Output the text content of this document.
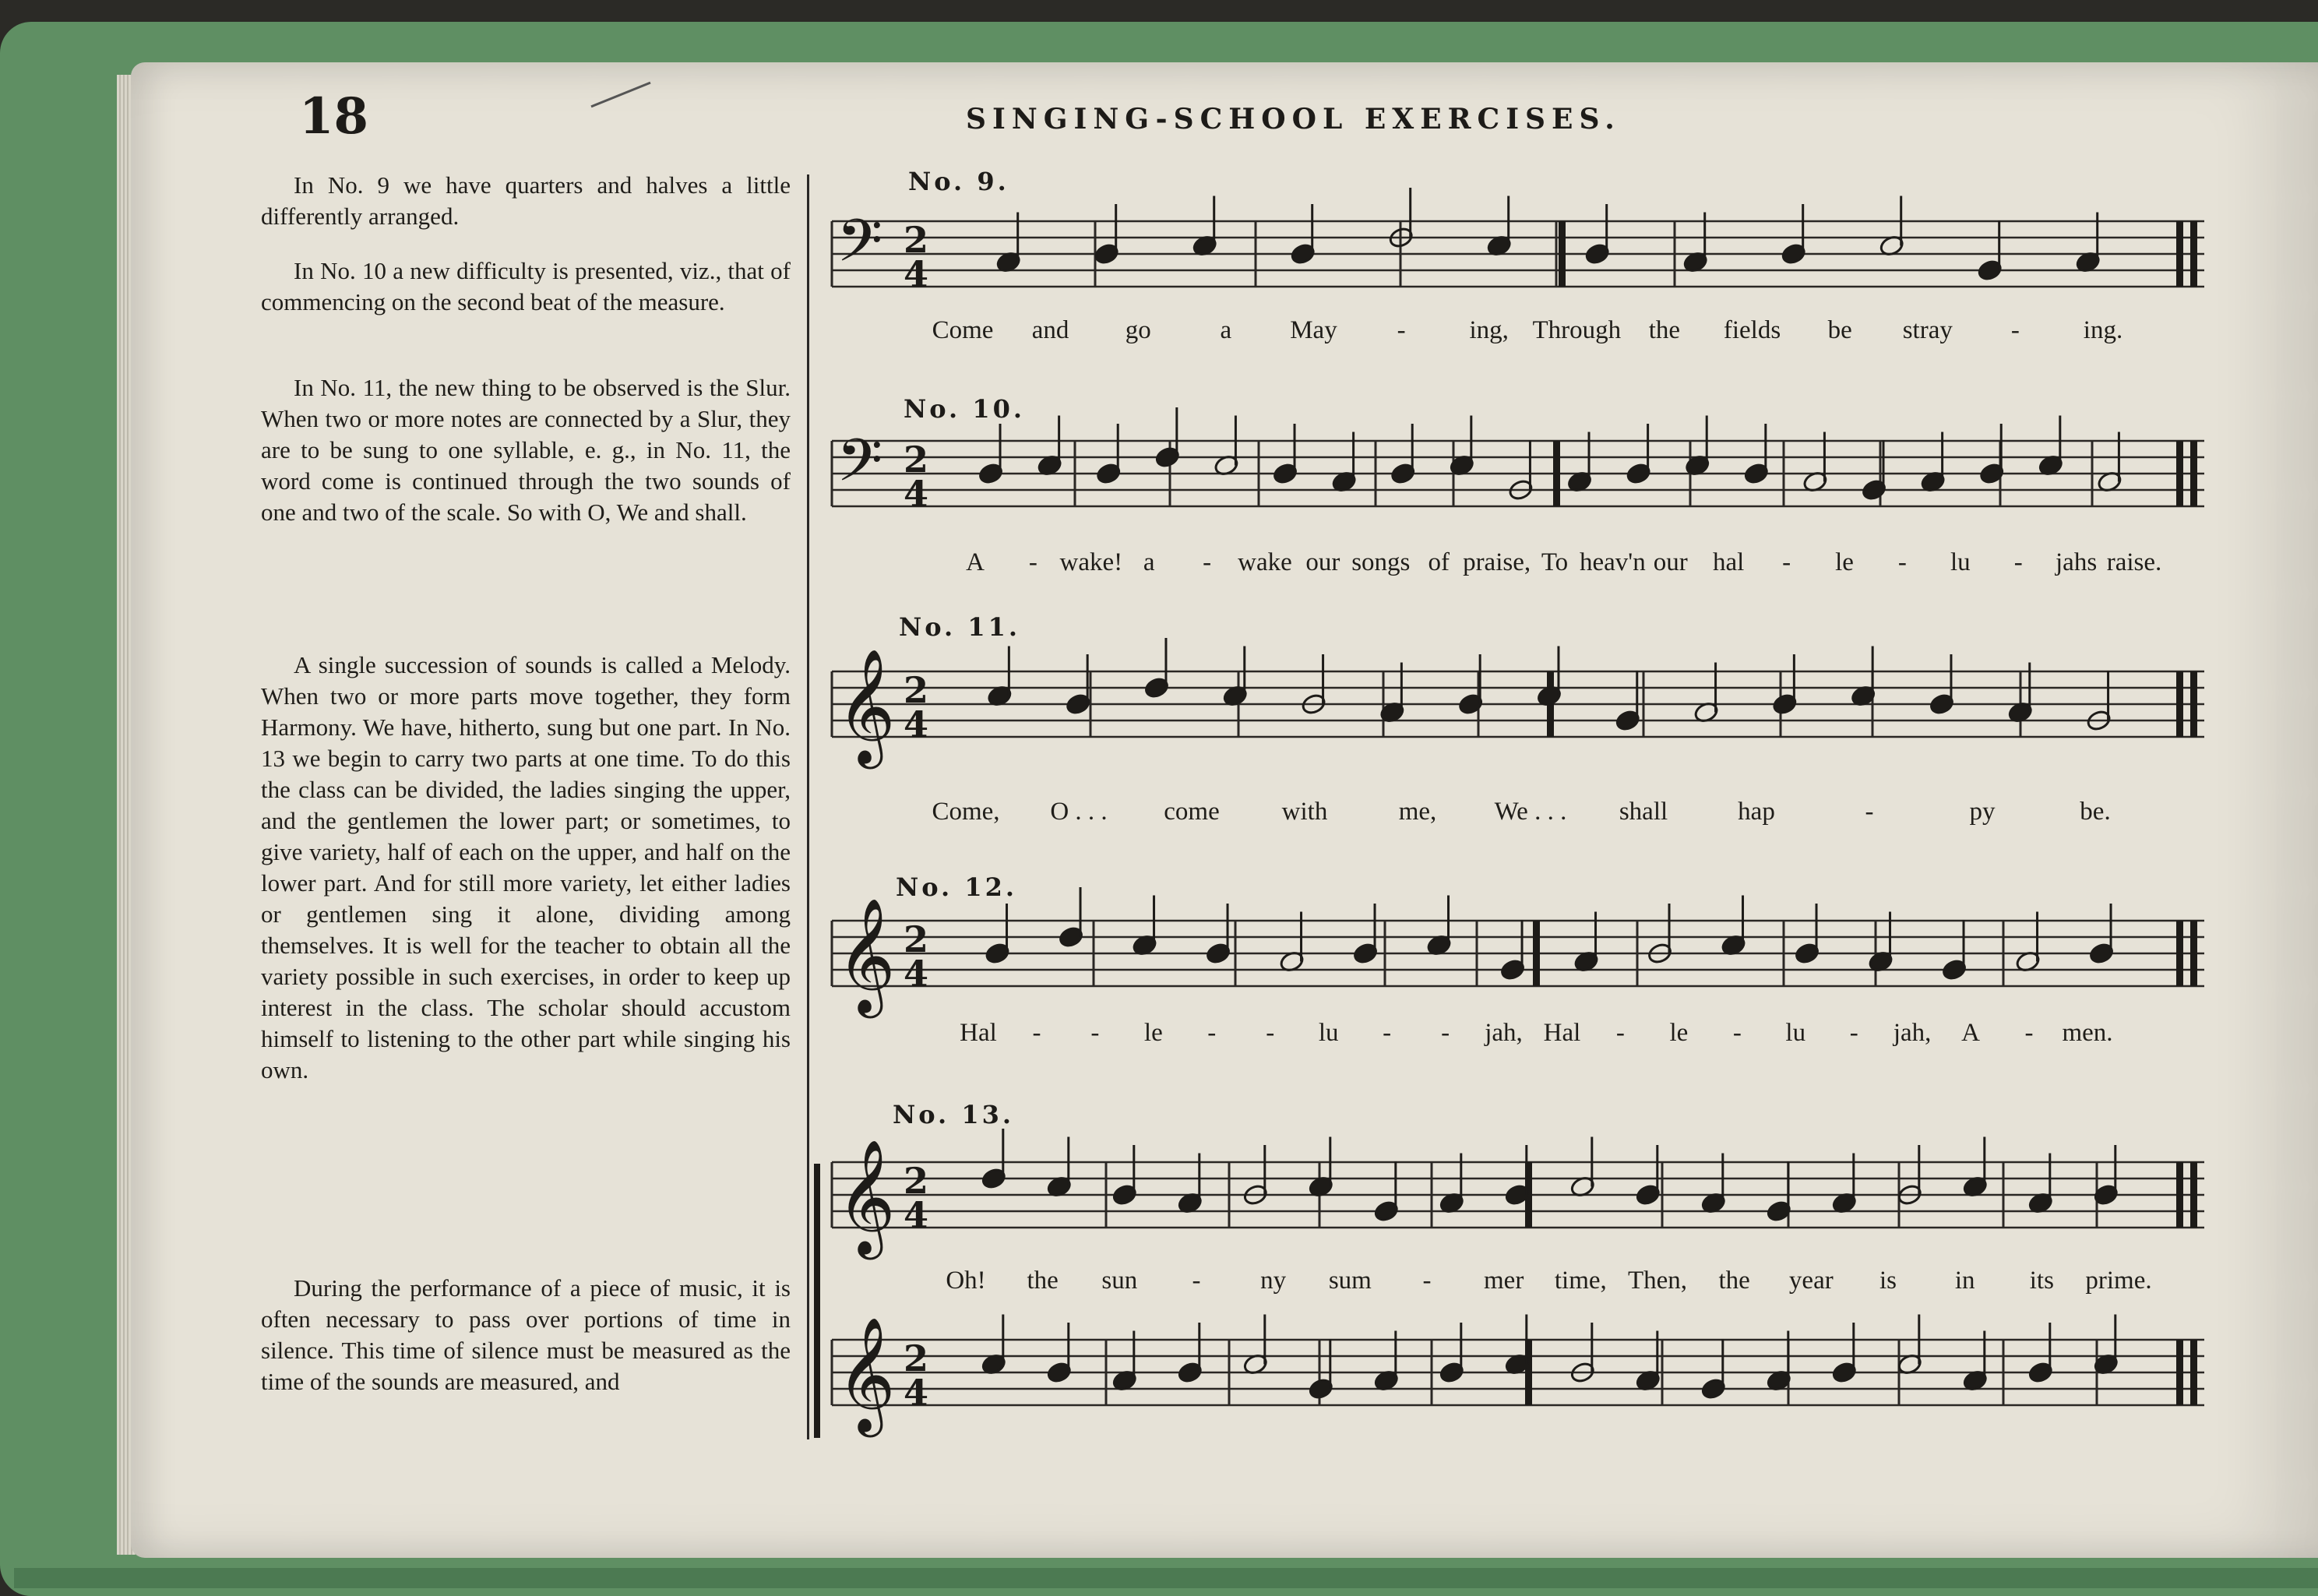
18	SINGING-SCHOOL EXERCISES.

In No. 9 we have quarters and halves a little differently arranged.

In No. 10 a new difficulty is presented, viz., that of commencing on the second beat of the measure.

In No. 11, the new thing to be observed is the Slur. When two or more notes are connected by a Slur, they are to be sung to one syllable, e. g., in No. 11, the word come is continued through the two sounds of one and two of the scale. So with O, We and shall.

A single succession of sounds is called a Melody. When two or more parts move together, they form Harmony. We have, hitherto, sung but one part. In No. 13 we begin to carry two parts at one time. To do this the class can be divided, the ladies singing the upper, and the gentlemen the lower part; or sometimes, to give variety, half of each on the upper, and half on the lower part. And for still more variety, let either ladies or gentlemen sing it alone, dividing among themselves. It is well for the teacher to obtain all the variety possible in such exercises, in order to keep up interest in the class. The scholar should accustom himself to listening to the other part while singing his own.

During the performance of a piece of music, it is often necessary to pass over portions of time in silence. This time of silence must be measured as the time of the sounds are measured, and

No. 9.
No. 10.
No. 11.
No. 12.
No. 13.
𝄢 2
4
𝄢 2
4
𝄞 2
4
𝄞 2
4
𝄞 2
4
𝄞 2
4
Come and go	a May - ing, Through the fields be stray - ing.
A - wake! a - wake our songs of praise, To heav'n our hal - le - lu - jahs raise.
Come, O . . . come with	me, We . . . shall	hap	-	py	be.
Hal - - le - - lu - - jah, Hal - le - lu - jah, A - men.
Oh! the sun - ny sum - mer time, Then, the year is in its prime.
